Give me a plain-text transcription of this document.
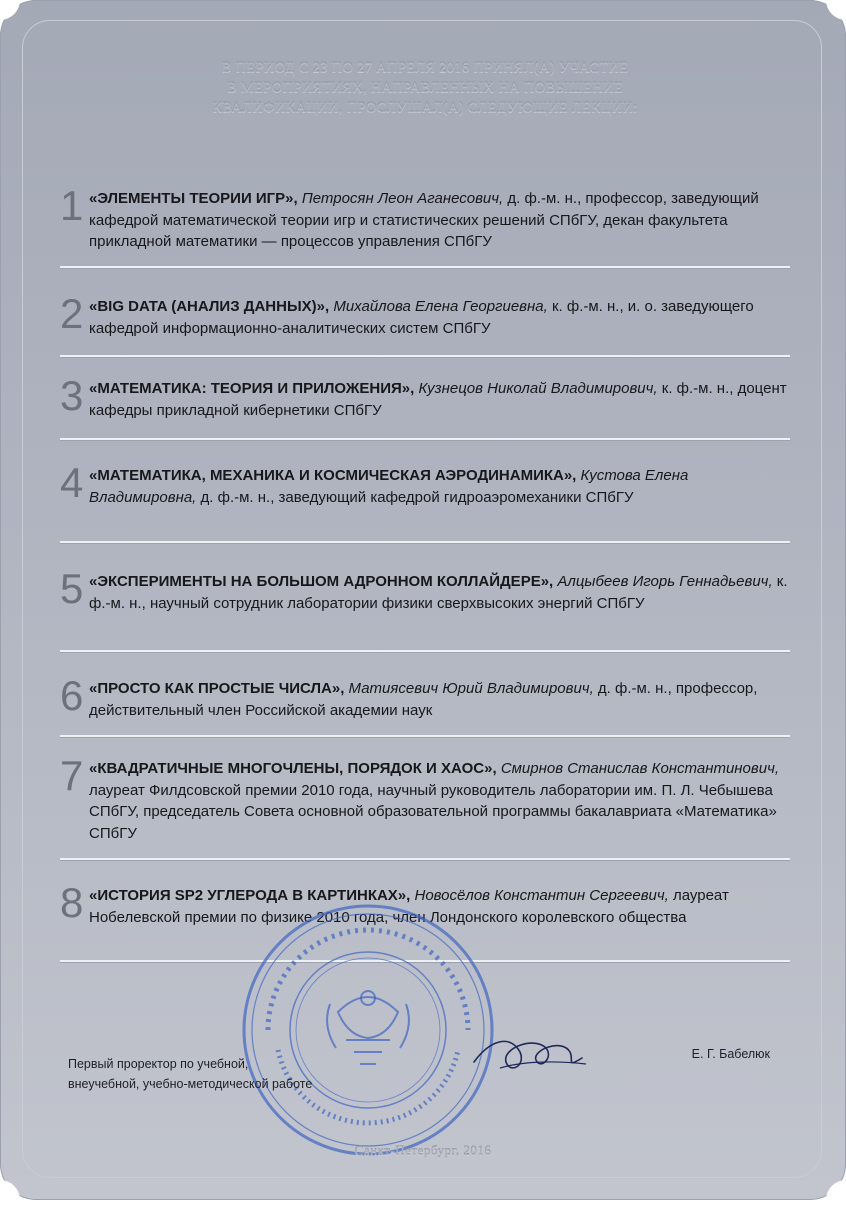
В ПЕРИОД С 23 ПО 27 АПРЕЛЯ 2016 ПРИНЯЛ(А) УЧАСТИЕ
В МЕРОПРИЯТИЯХ, НАПРАВЛЕННЫХ НА ПОВЫШЕНИЕ
КВАЛИФИКАЦИИ, ПРОСЛУШАЛ(А) СЛЕДУЮЩИЕ ЛЕКЦИИ:
1 «ЭЛЕМЕНТЫ ТЕОРИИ ИГР», Петросян Леон Аганесович, д. ф.-м. н., профессор, заведующий кафедрой математической теории игр и статистических решений СПбГУ, декан факультета прикладной математики — процессов управления СПбГУ
2 «BIG DATA (АНАЛИЗ ДАННЫХ)», Михайлова Елена Георгиевна, к. ф.-м. н., и. о. заведующего кафедрой информационно-аналитических систем СПбГУ
3 «МАТЕМАТИКА: ТЕОРИЯ И ПРИЛОЖЕНИЯ», Кузнецов Николай Владимирович, к. ф.-м. н., доцент кафедры прикладной кибернетики СПбГУ
4 «МАТЕМАТИКА, МЕХАНИКА И КОСМИЧЕСКАЯ АЭРОДИНАМИКА», Кустова Елена Владимировна, д. ф.-м. н., заведующий кафедрой гидроаэромеханики СПбГУ
5 «ЭКСПЕРИМЕНТЫ НА БОЛЬШОМ АДРОННОМ КОЛЛАЙДЕРЕ», Алцыбеев Игорь Геннадьевич, к. ф.-м. н., научный сотрудник лаборатории физики сверхвысоких энергий СПбГУ
6 «ПРОСТО КАК ПРОСТЫЕ ЧИСЛА», Матиясевич Юрий Владимирович, д. ф.-м. н., профессор, действительный член Российской академии наук
7 «КВАДРАТИЧНЫЕ МНОГОЧЛЕНЫ, ПОРЯДОК И ХАОС», Смирнов Станислав Константинович, лауреат Филдсовской премии 2010 года, научный руководитель лаборатории им. П. Л. Чебышева СПбГУ, председатель Совета основной образовательной программы бакалавриата «Математика» СПбГУ
8 «ИСТОРИЯ SP2 УГЛЕРОДА В КАРТИНКАХ», Новосёлов Константин Сергеевич, лауреат Нобелевской премии по физике 2010 года, член Лондонского королевского общества
Первый проректор по учебной,
внеучебной, учебно-методической работе
Е. Г. Бабелюк
Санкт-Петербург, 2016
